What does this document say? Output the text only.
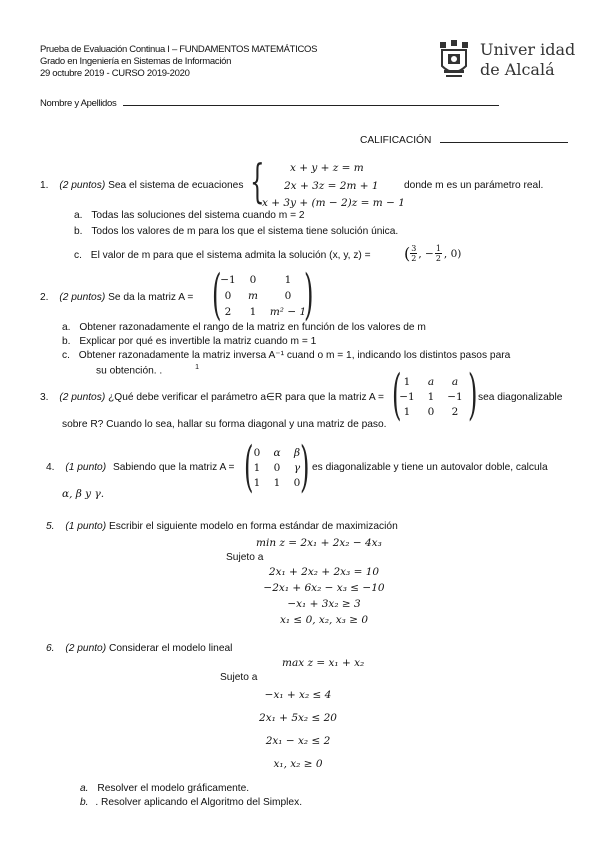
Prueba de Evaluación Continua I – FUNDAMENTOS MATEMÁTICOS
Grado en Ingeniería en Sistemas de Información
29 octubre 2019 - CURSO 2019-2020
Univer idad
de Alcalá
Nombre y Apellidos
CALIFICACIÓN
1. (2 puntos) Sea el sistema de ecuaciones { x + y + z = m
2x + 3z = 2m + 1
x + 3y + (m − 2)z = m − 1
donde m es un parámetro real.
a. Todas las soluciones del sistema cuando m = 2
b. Todos los valores de m para los que el sistema tiene solución única.
c. El valor de m para que el sistema admita la solución (x, y, z) = ( $\frac{3}{2}$ , − $\frac{1}{2}$ , 0)
2. (2 puntos) Se da la matriz A = ( )
−1	0	1
0	m	0
2	1	m² − 1
a. Obtener razonadamente el rango de la matriz en función de los valores de m
b. Explicar por qué es invertible la matriz cuando m = 1
c. Obtener razonadamente la matriz inversa A⁻¹ cuand o m = 1, indicando los distintos pasos para
su obtención. .	$^1$
3. (2 puntos) ¿Qué debe verificar el parámetro a∈R para que la matriz A = ( )
1	a	a
−1	1	−1
1	0	2
sea diagonalizable
sobre R? Cuando lo sea, hallar su forma diagonal y una matriz de paso.
4. (1 punto) Sabiendo que la matriz A = ( )
0	α	β
1	0	γ
1	1	0
es diagonalizable y tiene un autovalor doble, calcula
α, β y γ.
5. (1 punto) Escribir el siguiente modelo en forma estándar de maximización
min z = 2x₁ + 2x₂ − 4x₃
Sujeto a
2x₁ + 2x₂ + 2x₃ = 10
−2x₁ + 6x₂ − x₃ ≤ −10
−x₁ + 3x₂ ≥ 3
x₁ ≤ 0, x₂, x₃ ≥ 0
6. (2 punto) Considerar el modelo lineal
max z = x₁ + x₂
Sujeto a
−x₁ + x₂ ≤ 4
2x₁ + 5x₂ ≤ 20
2x₁ − x₂ ≤ 2
x₁, x₂ ≥ 0
a. Resolver el modelo gráficamente.
b. . Resolver aplicando el Algoritmo del Simplex.
